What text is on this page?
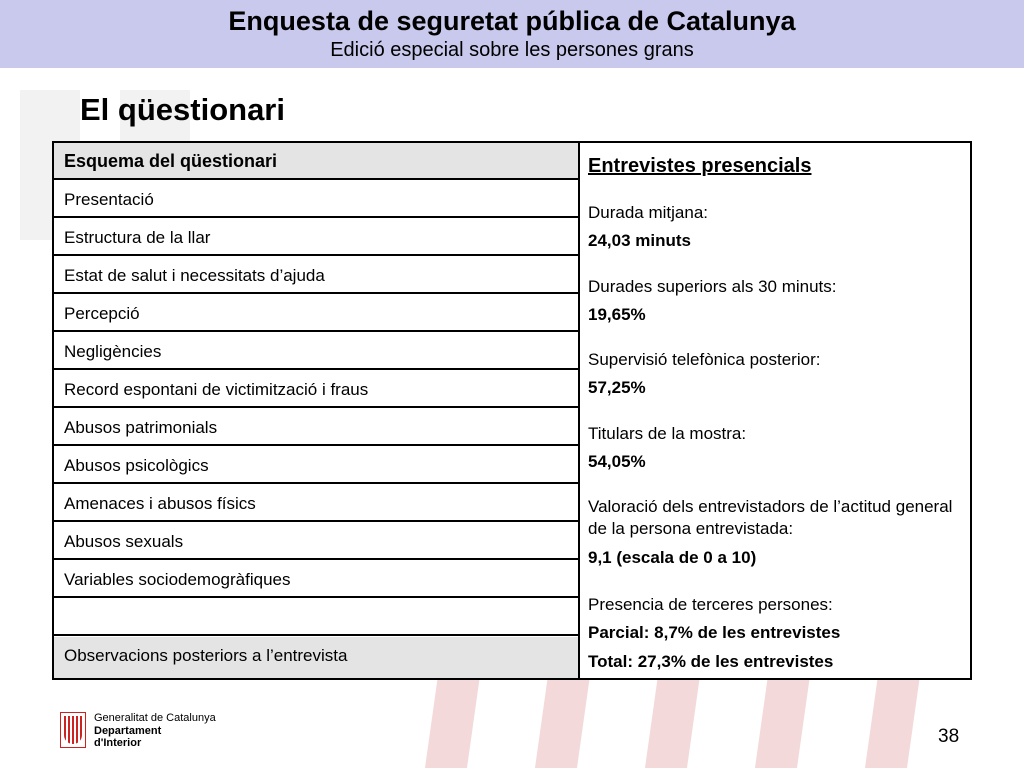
Enquesta de seguretat pública de Catalunya
Edició especial sobre les persones grans
El qüestionari
Esquema del qüestionari
Presentació
Estructura de la llar
Estat de salut i necessitats d’ajuda
Percepció
Negligències
Record espontani de victimització i fraus
Abusos patrimonials
Abusos psicològics
Amenaces i abusos físics
Abusos sexuals
Variables sociodemogràfiques
Observacions posteriors a l’entrevista
Entrevistes presencials
Durada mitjana:
24,03 minuts
Durades superiors als 30 minuts:
19,65%
Supervisió telefònica posterior:
57,25%
Titulars de la mostra:
54,05%
Valoració dels entrevistadors de l’actitud general de la persona entrevistada:
9,1 (escala de 0 a 10)
Presencia de terceres persones:
Parcial: 8,7% de les entrevistes
Total: 27,3% de les entrevistes
Generalitat de Catalunya
Departament
d'Interior	38
